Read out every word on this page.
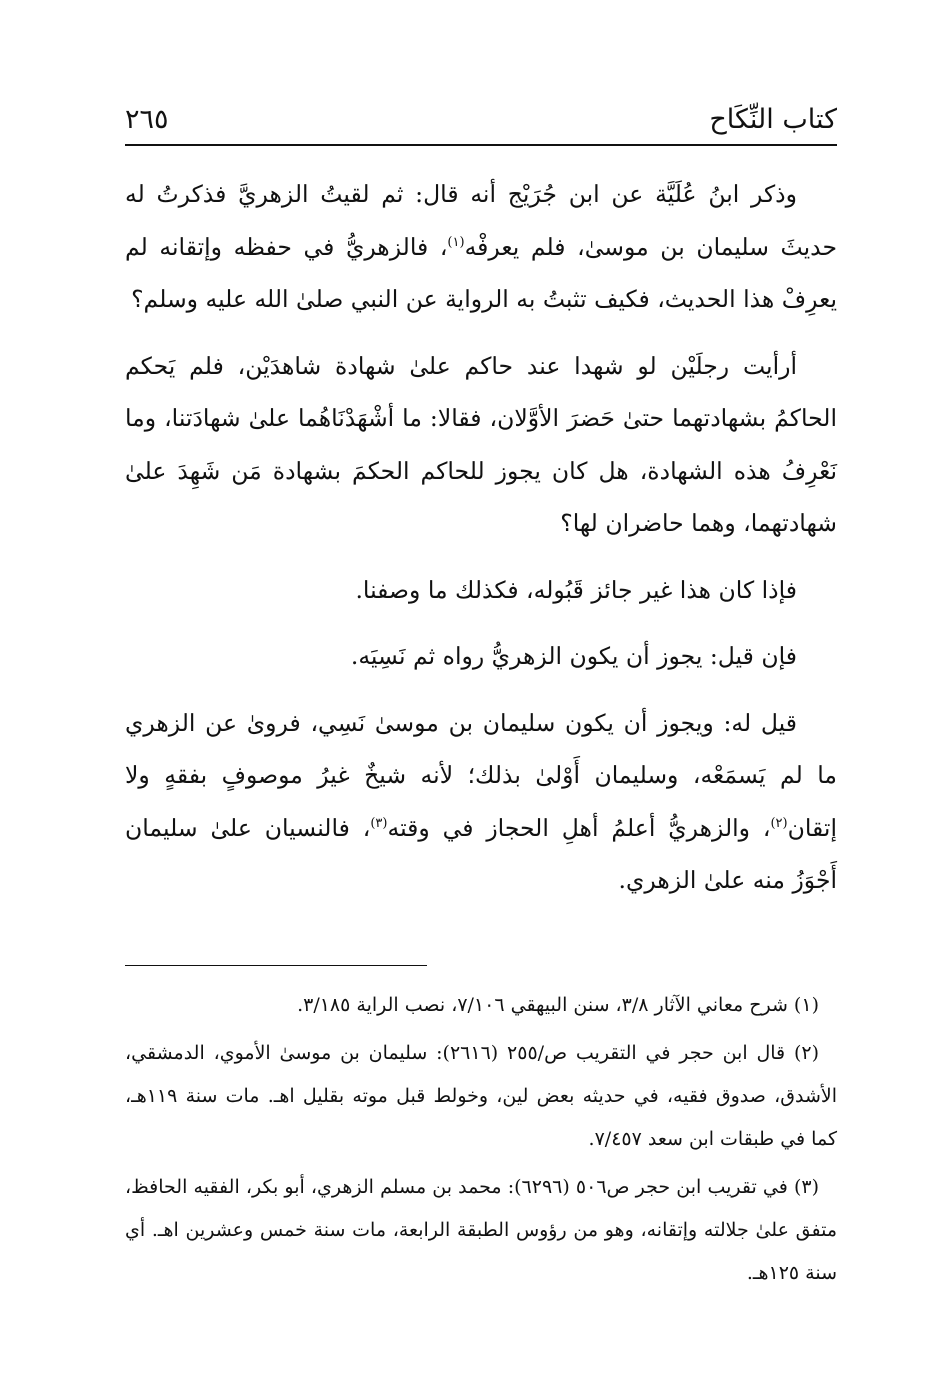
كتاب النِّكَاح
٢٦٥

وذكر ابنُ عُلَيَّة عن ابن جُرَيْج أنه قال: ثم لقيتُ الزهريَّ فذكرتُ له حديثَ سليمان بن موسىٰ، فلم يعرفْه$^{(١)}$، فالزهريُّ في حفظه وإتقانه لم يعرِفْ هذا الحديث، فكيف تثبتُ به الرواية عن النبي صلىٰ الله عليه وسلم؟

أرأيت رجلَيْن لو شهدا عند حاكم علىٰ شهادة شاهدَيْن، فلم يَحكم الحاكمُ بشهادتهما حتىٰ حَضرَ الأوَّلان، فقالا: ما أشْهَدْنَاهُما علىٰ شهادَتنا، وما نَعْرِفُ هذه الشهادة، هل كان يجوز للحاكم الحكمَ بشهادة مَن شَهِدَ علىٰ شهادتهما، وهما حاضران لها؟

فإذا كان هذا غير جائز قَبُوله، فكذلك ما وصفنا.

فإن قيل: يجوز أن يكون الزهريُّ رواه ثم نَسِيَه.

قيل له: ويجوز أن يكون سليمان بن موسىٰ نَسِي، فروىٰ عن الزهري ما لم يَسمَعْه، وسليمان أَوْلىٰ بذلك؛ لأنه شيخٌ غيرُ موصوفٍ بفقهٍ ولا إتقان$^{(٢)}$، والزهريُّ أعلمُ أهلِ الحجاز في وقته$^{(٣)}$، فالنسيان علىٰ سليمان أَجْوَزُ منه علىٰ الزهري.

(١) شرح معاني الآثار ٣/٨، سنن البيهقي ٧/١٠٦، نصب الراية ٣/١٨٥.

(٢) قال ابن حجر في التقريب ص/٢٥٥ (٢٦١٦): سليمان بن موسىٰ الأموي، الدمشقي، الأشدق، صدوق فقيه، في حديثه بعض لين، وخولط قبل موته بقليل اهـ. مات سنة ١١٩هـ، كما في طبقات ابن سعد ٧/٤٥٧.

(٣) في تقريب ابن حجر ص٥٠٦ (٦٢٩٦): محمد بن مسلم الزهري، أبو بكر، الفقيه الحافظ، متفق علىٰ جلالته وإتقانه، وهو من رؤوس الطبقة الرابعة، مات سنة خمس وعشرين اهـ. أي سنة ١٢٥هـ.
